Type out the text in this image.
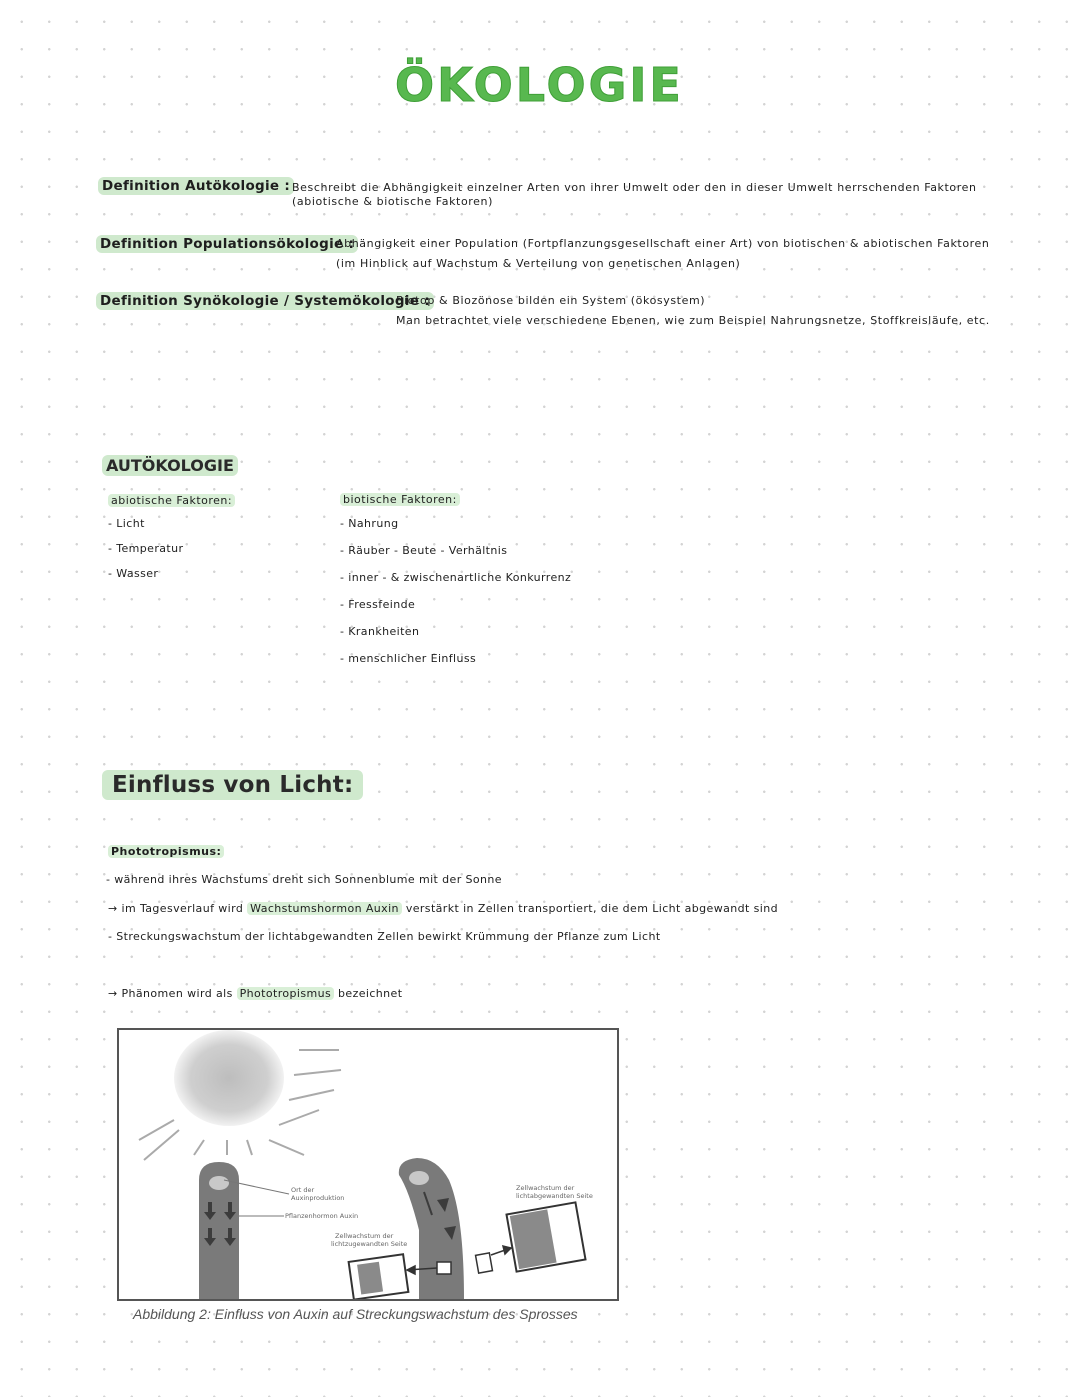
ÖKOLOGIE
Definition Autökologie : Beschreibt die Abhängigkeit einzelner Arten von ihrer Umwelt oder den in dieser Umwelt herrschenden Faktoren
(abiotische & biotische Faktoren)
Definition Populationsökologie :
Abhängigkeit einer Population (Fortpflanzungsgesellschaft einer Art) von biotischen & abiotischen Faktoren
(im Hinblick auf Wachstum & Verteilung von genetischen Anlagen)
Definition Synökologie / Systemökologie :
Biotop & Biozönose bilden ein System (ökosystem)
Man betrachtet viele verschiedene Ebenen, wie zum Beispiel Nahrungsnetze, Stoffkreisläufe, etc.
AUTÖKOLOGIE
abiotische Faktoren:
- Licht
- Temperatur
- Wasser
biotische Faktoren:
- Nahrung
- Räuber - Beute - Verhältnis
- inner - & zwischenartliche Konkurrenz
- Fressfeinde
- Krankheiten
- menschlicher Einfluss
Einfluss von Licht:
Phototropismus:
- während ihres Wachstums dreht sich Sonnenblume mit der Sonne
→ im Tagesverlauf wird Wachstumshormon Auxin verstärkt in Zellen transportiert, die dem Licht abgewandt sind
- Streckungswachstum der lichtabgewandten Zellen bewirkt Krümmung der Pflanze zum Licht
→ Phänomen wird als Phototropismus bezeichnet
Ort der
Auxinproduktion
Pflanzenhormon Auxin
Zellwachstum der
lichtzugewandten Seite
Zellwachstum der
lichtabgewandten Seite
Abbildung 2: Einfluss von Auxin auf Streckungswachstum des Sprosses
